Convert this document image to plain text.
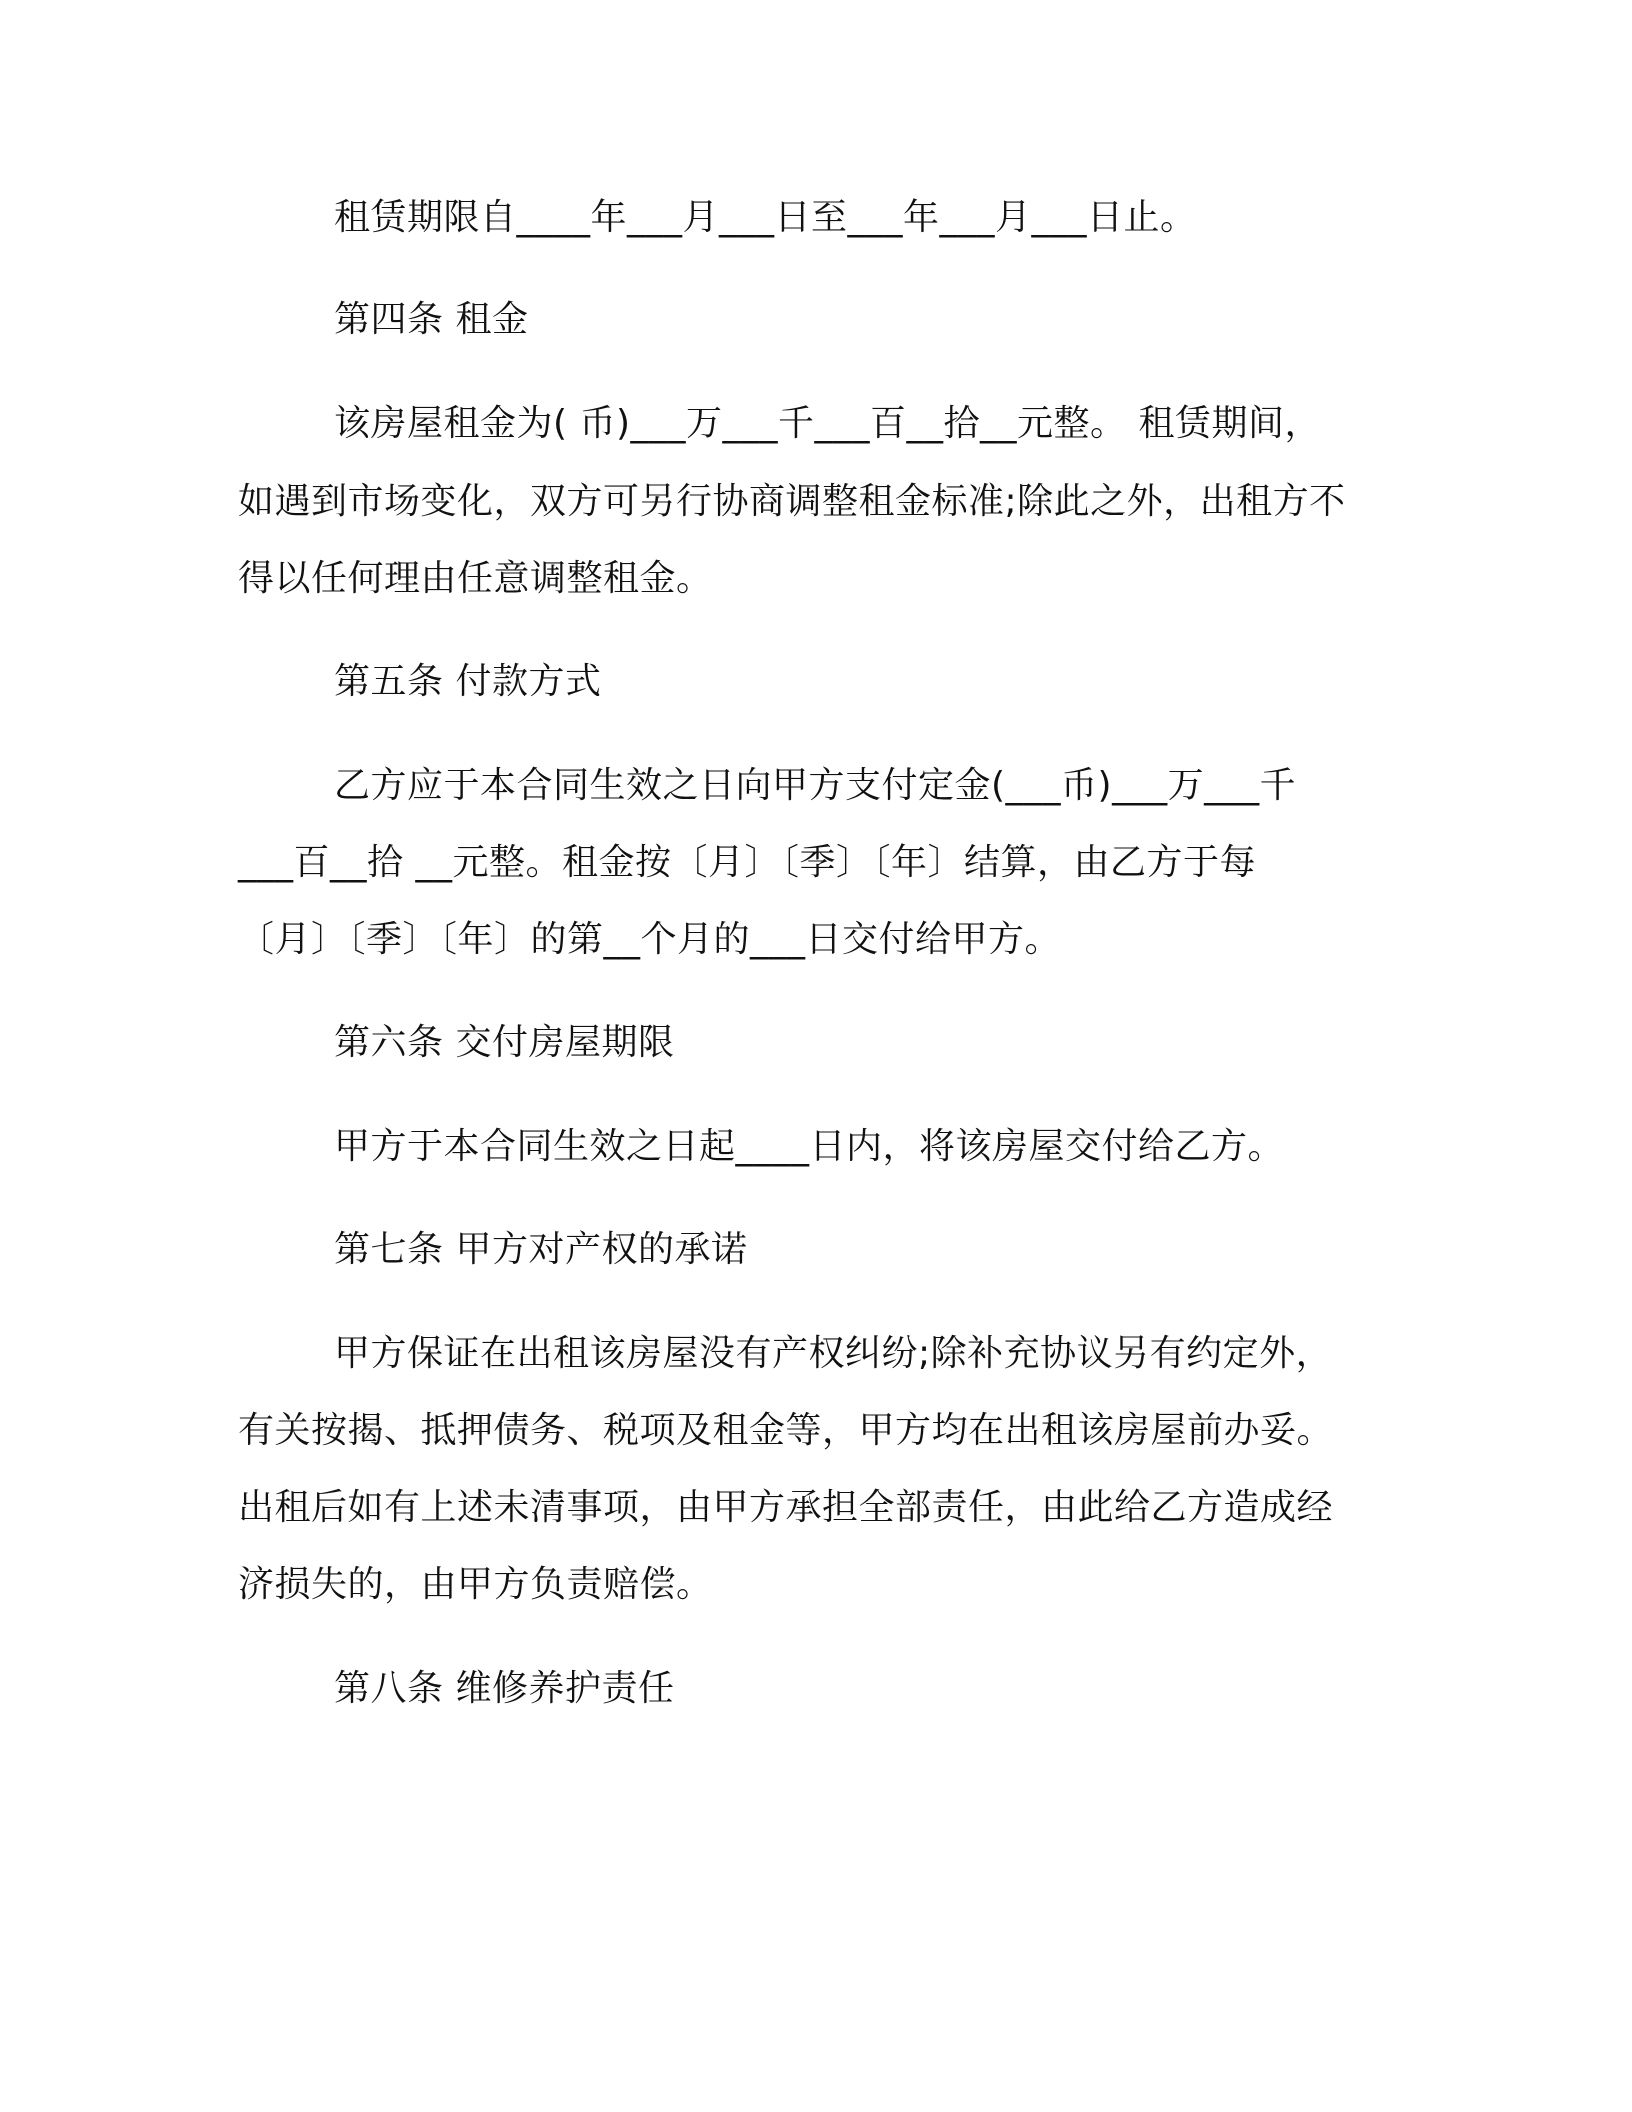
租赁期限自____年___月___日至___年___月___日止。

第四条 租金

该房屋租金为( 币)___万___千___百__拾__元整。 租赁期间，

如遇到市场变化，双方可另行协商调整租金标准;除此之外，出租方不

得以任何理由任意调整租金。

第五条 付款方式

乙方应于本合同生效之日向甲方支付定金(___币)___万___千

___百__拾 __元整。租金按〔月〕〔季〕〔年〕结算，由乙方于每

〔月〕〔季〕〔年〕的第__个月的___日交付给甲方。

第六条 交付房屋期限

甲方于本合同生效之日起____日内，将该房屋交付给乙方。

第七条 甲方对产权的承诺

甲方保证在出租该房屋没有产权纠纷;除补充协议另有约定外，

有关按揭、抵押债务、税项及租金等，甲方均在出租该房屋前办妥。

出租后如有上述未清事项，由甲方承担全部责任，由此给乙方造成经

济损失的，由甲方负责赔偿。

第八条 维修养护责任
